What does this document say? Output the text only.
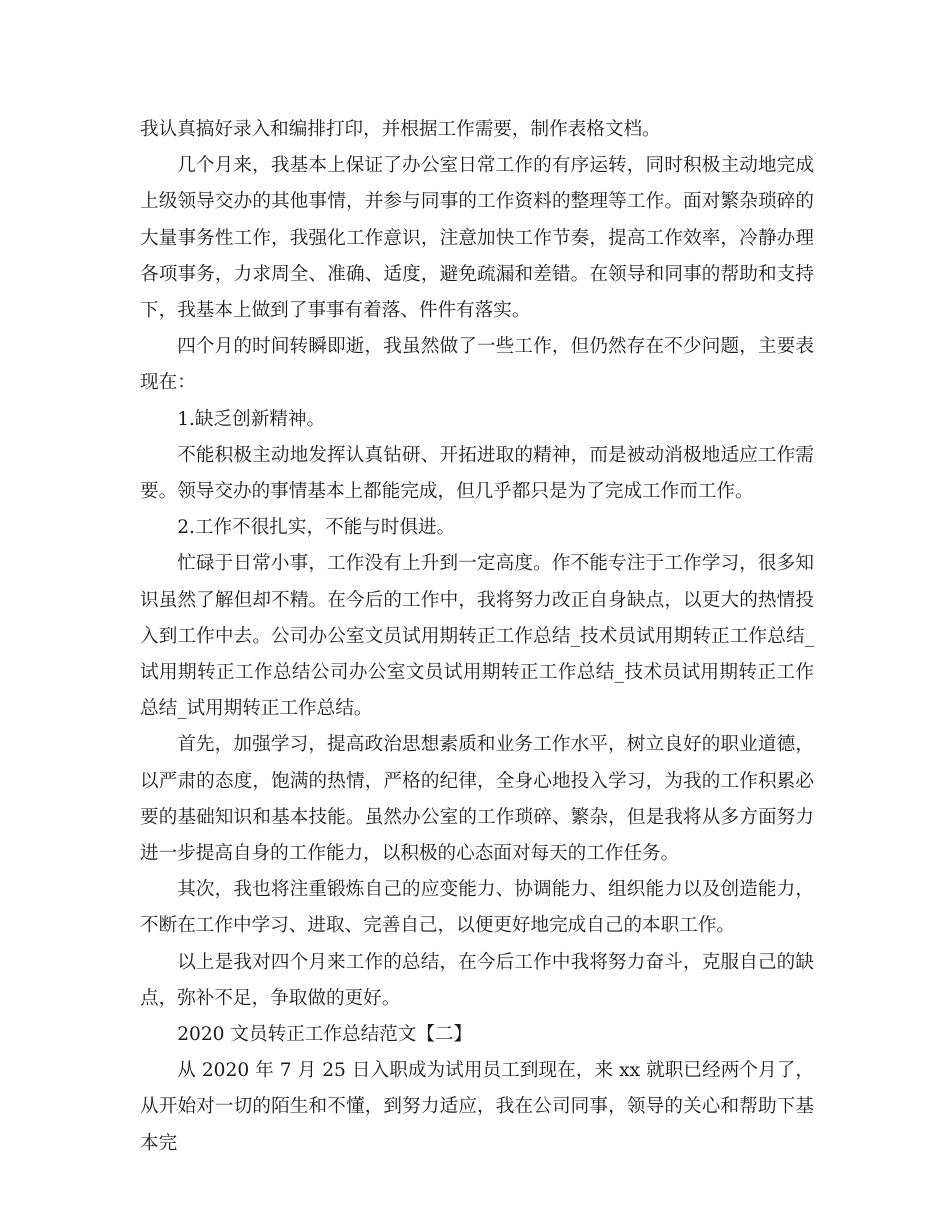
我认真搞好录入和编排打印，并根据工作需要，制作表格文档。

几个月来，我基本上保证了办公室日常工作的有序运转，同时积极主动地完成上级领导交办的其他事情，并参与同事的工作资料的整理等工作。面对繁杂琐碎的大量事务性工作，我强化工作意识，注意加快工作节奏，提高工作效率，冷静办理各项事务，力求周全、准确、适度，避免疏漏和差错。在领导和同事的帮助和支持下，我基本上做到了事事有着落、件件有落实。

四个月的时间转瞬即逝，我虽然做了一些工作，但仍然存在不少问题，主要表现在：

1.缺乏创新精神。

不能积极主动地发挥认真钻研、开拓进取的精神，而是被动消极地适应工作需要。领导交办的事情基本上都能完成，但几乎都只是为了完成工作而工作。

2.工作不很扎实，不能与时俱进。

忙碌于日常小事，工作没有上升到一定高度。作不能专注于工作学习，很多知识虽然了解但却不精。在今后的工作中，我将努力改正自身缺点，以更大的热情投入到工作中去。公司办公室文员试用期转正工作总结_技术员试用期转正工作总结_试用期转正工作总结公司办公室文员试用期转正工作总结_技术员试用期转正工作总结_试用期转正工作总结。

首先，加强学习，提高政治思想素质和业务工作水平，树立良好的职业道德，以严肃的态度，饱满的热情，严格的纪律，全身心地投入学习，为我的工作积累必要的基础知识和基本技能。虽然办公室的工作琐碎、繁杂，但是我将从多方面努力进一步提高自身的工作能力，以积极的心态面对每天的工作任务。

其次，我也将注重锻炼自己的应变能力、协调能力、组织能力以及创造能力，不断在工作中学习、进取、完善自己，以便更好地完成自己的本职工作。

以上是我对四个月来工作的总结，在今后工作中我将努力奋斗，克服自己的缺点，弥补不足，争取做的更好。

2020 文员转正工作总结范文【二】

从 2020 年 7 月 25 日入职成为试用员工到现在，来 xx 就职已经两个月了，从开始对一切的陌生和不懂，到努力适应，我在公司同事，领导的关心和帮助下基本完
